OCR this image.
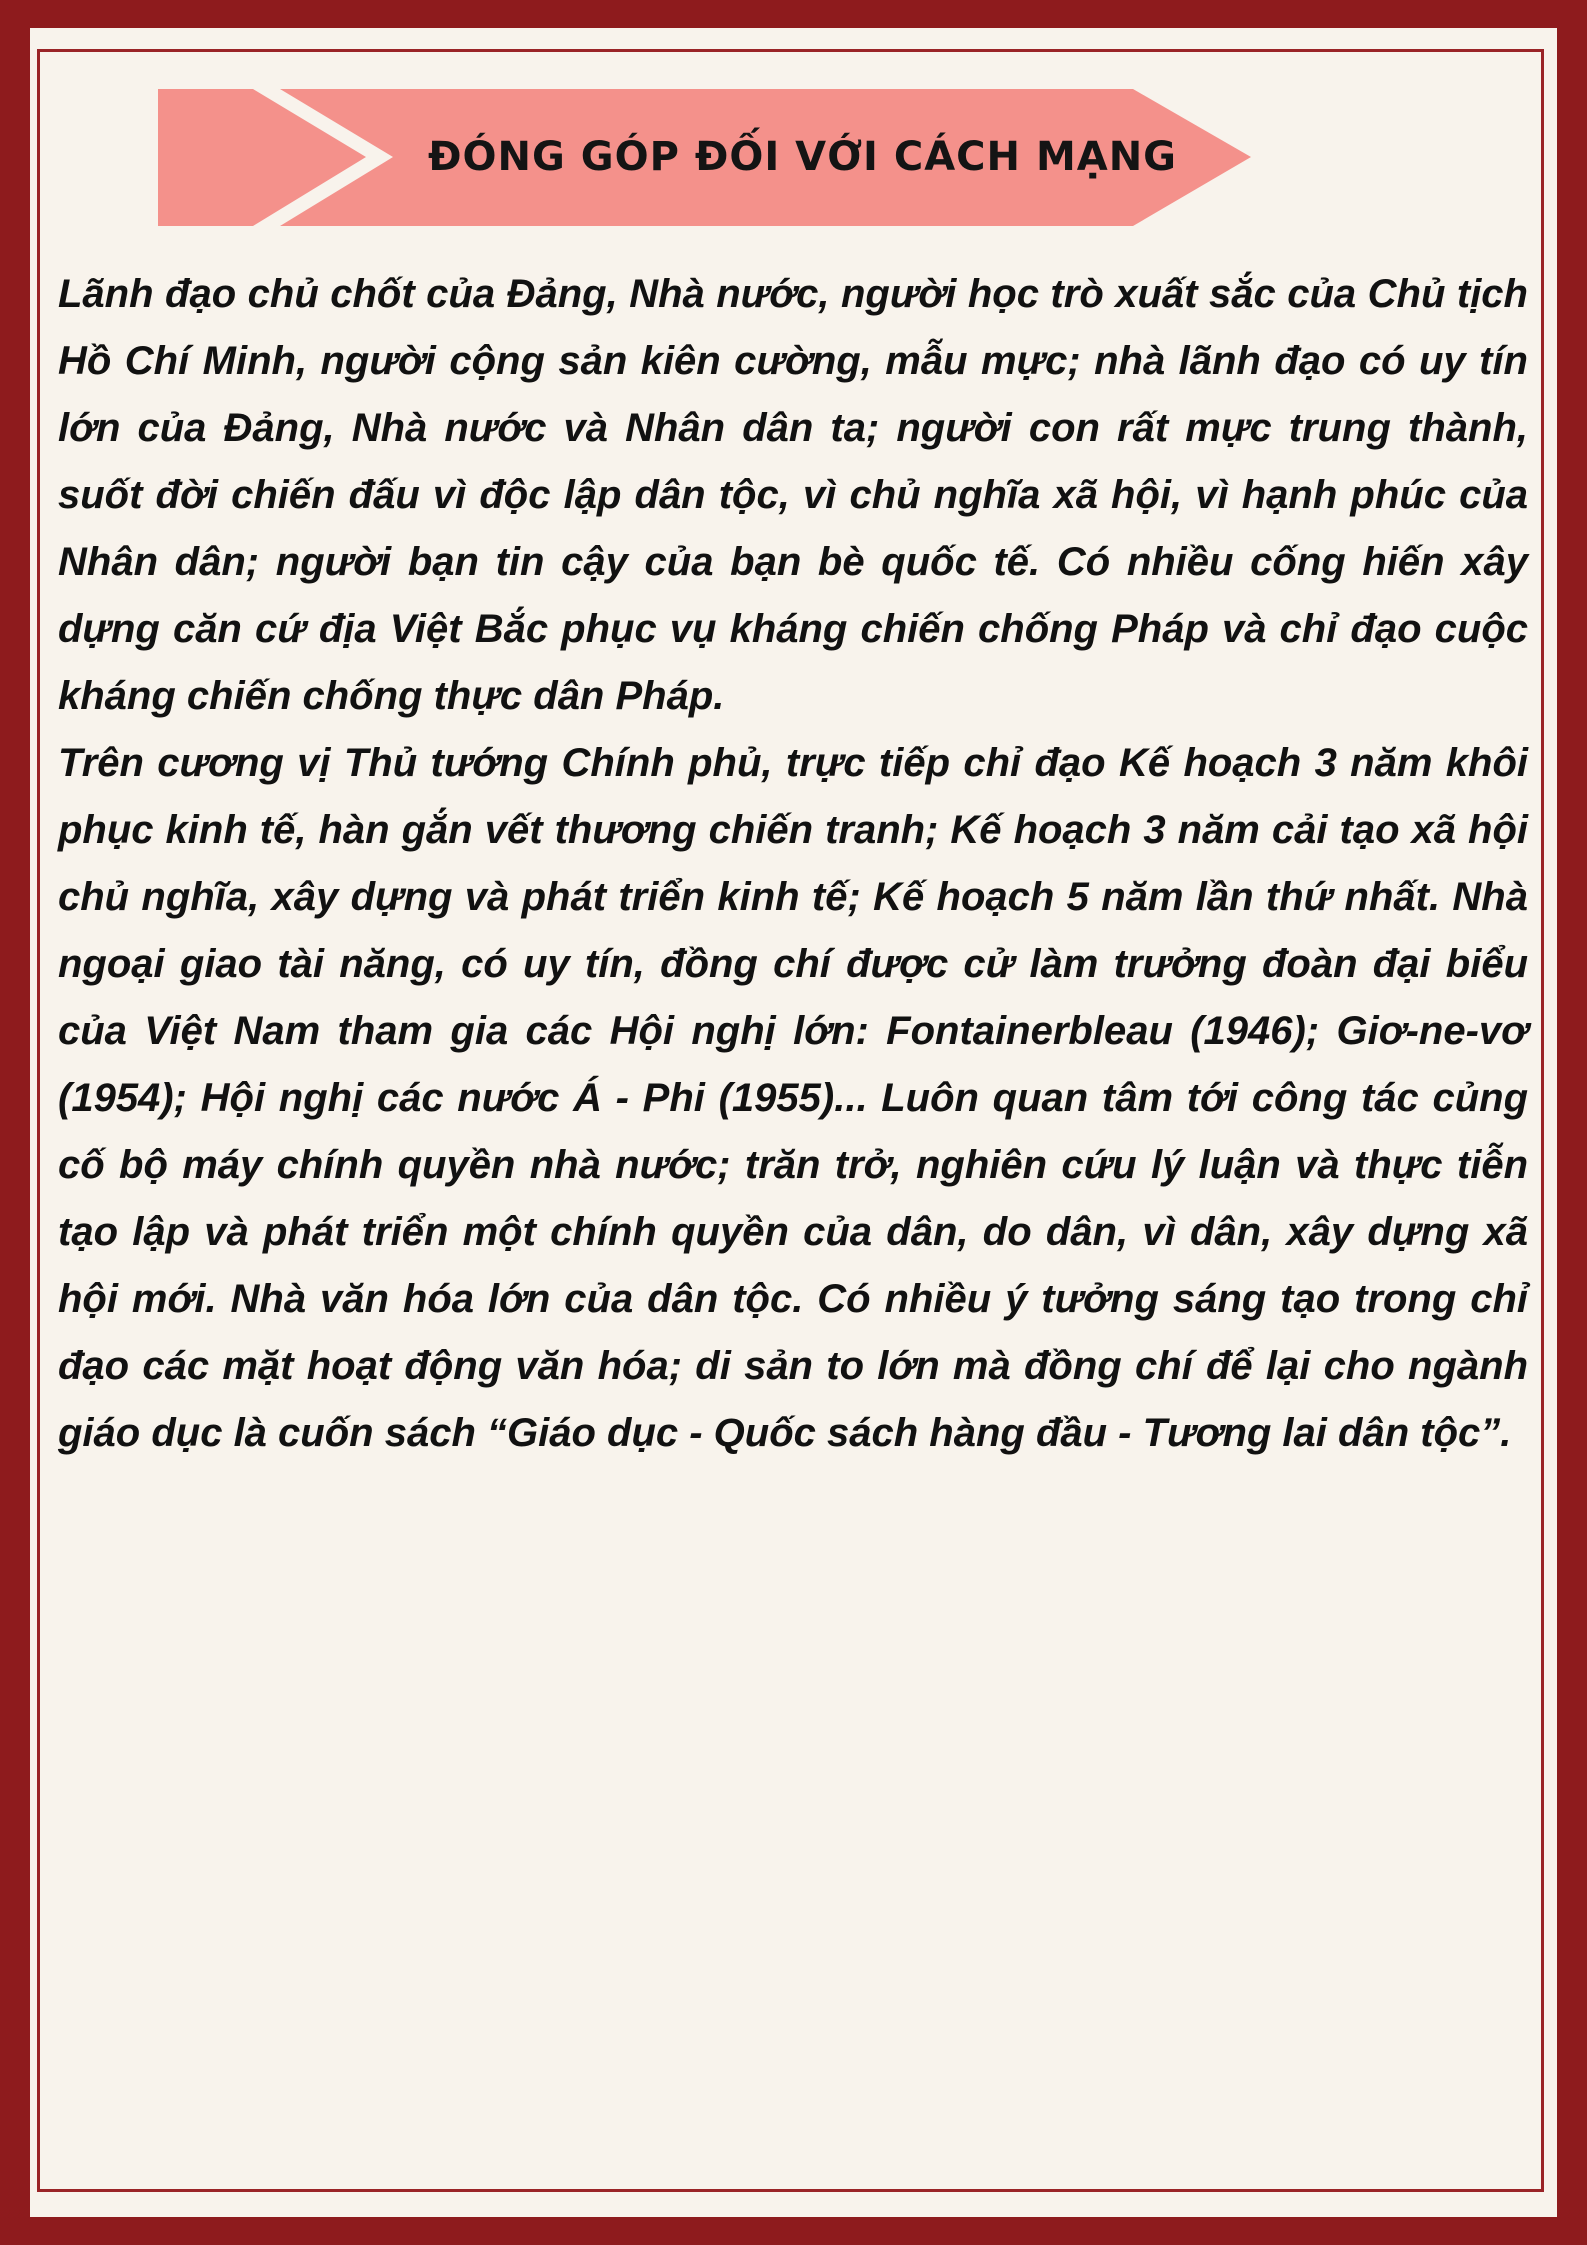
ĐÓNG GÓP ĐỐI VỚI CÁCH MẠNG

Lãnh đạo chủ chốt của Đảng, Nhà nước, người học trò xuất sắc của Chủ tịch Hồ Chí Minh, người cộng sản kiên cường, mẫu mực; nhà lãnh đạo có uy tín lớn của Đảng, Nhà nước và Nhân dân ta; người con rất mực trung thành, suốt đời chiến đấu vì độc lập dân tộc, vì chủ nghĩa xã hội, vì hạnh phúc của Nhân dân; người bạn tin cậy của bạn bè quốc tế. Có nhiều cống hiến xây dựng căn cứ địa Việt Bắc phục vụ kháng chiến chống Pháp và chỉ đạo cuộc kháng chiến chống thực dân Pháp.

Trên cương vị Thủ tướng Chính phủ, trực tiếp chỉ đạo Kế hoạch 3 năm khôi phục kinh tế, hàn gắn vết thương chiến tranh; Kế hoạch 3 năm cải tạo xã hội chủ nghĩa, xây dựng và phát triển kinh tế; Kế hoạch 5 năm lần thứ nhất. Nhà ngoại giao tài năng, có uy tín, đồng chí được cử làm trưởng đoàn đại biểu của Việt Nam tham gia các Hội nghị lớn: Fontainerbleau (1946); Giơ-ne-vơ (1954); Hội nghị các nước Á - Phi (1955)... Luôn quan tâm tới công tác củng cố bộ máy chính quyền nhà nước; trăn trở, nghiên cứu lý luận và thực tiễn tạo lập và phát triển một chính quyền của dân, do dân, vì dân, xây dựng xã hội mới. Nhà văn hóa lớn của dân tộc. Có nhiều ý tưởng sáng tạo trong chỉ đạo các mặt hoạt động văn hóa; di sản to lớn mà đồng chí để lại cho ngành giáo dục là cuốn sách “Giáo dục - Quốc sách hàng đầu - Tương lai dân tộc”.
